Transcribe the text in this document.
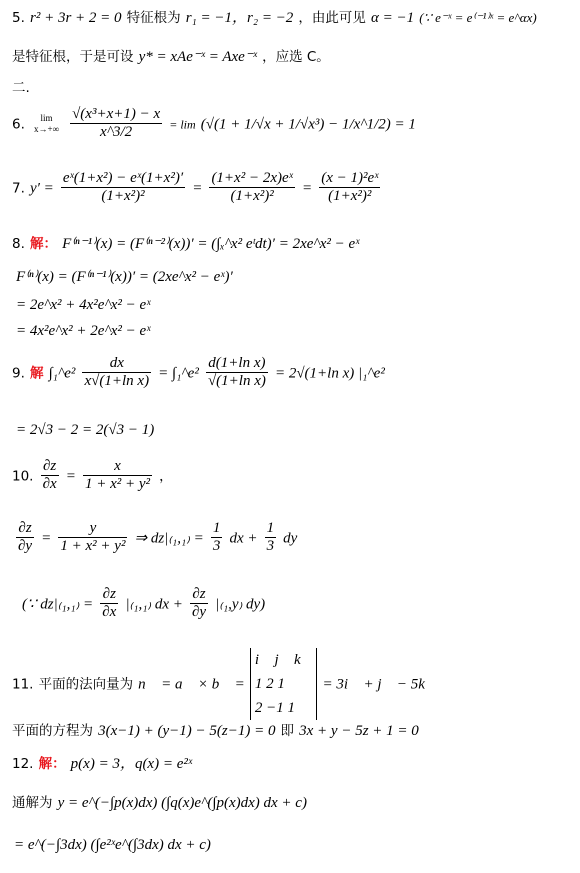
5. r² + 3r + 2 = 0 特征根为 r₁ = −1，r₂ = −2 ，由此可见 α = −1 (∵ e⁻ˣ = e⁽⁻¹⁾ˣ = e^αx)
是特征根，于是可设 y* = xAe⁻ˣ = Axe⁻ˣ ，应选 C。
二.
6.	lim
x→+∞
$\frac{\text{√(x³+x+1) − x}}{x\^{}3/2} = \lim (√(1 + 1/√x + 1/√x^3)$ − 1/x^1/2) = 1
7. $y' = \frac{\text{eˣ(1+x²) − eˣ(1+x²)′}}{\text{(1+x²)²}} = \frac{\text{(1+x² − 2x)eˣ}}{\text{(1+x²)²}} = \frac{\text{(x − 1)²eˣ}}{\text{(1+x²)²}}$
8. 解： F⁽ⁿ⁻¹⁾(x) = (F⁽ⁿ⁻²⁾(x))′ = (∫ₓ^x² eᵗdt)′ = 2xe^x² − eˣ
F⁽ⁿ⁾(x) = (F⁽ⁿ⁻¹⁾(x))′ = (2xe^x² − eˣ)′
= 2e^x² + 4x²e^x² − eˣ
= 4x²e^x² + 2e^x² − eˣ
9. 解 ∫₁^e² $\frac{dx}{\text{x√(1+ln x)}}$ = ∫₁^e² $\frac{\text{d(1+ln x)}}{\text{√(1+ln x)}} = 2√(1+\ln$ x) |₁^e²
= 2√3 − 2 = 2(√3 − 1)
10. $\frac{\partial z}{\partial x} = \frac{x}{\text{1 + x² + y²}}$ ，
$\frac{\partial z}{\partial y} = \frac{y}{\text{1 + x² + y²}}$ ⇒ $dz|_{(1},_{1)} = \frac{1}{3}$ dx + $\frac{1}{3}$ dy
(∵ $dz|_{(1},_{1)} = \frac{\partial z}{\partial x} |_{(1},_{1)}$ dx + $\frac{\partial z}{\partial y} |_{(1},y_)$ dy)
11. 平面的法向量为 n⃗ = a⃗ × b⃗ =
i⃗ j⃗ k⃗
1 2 1
2 −1 1
= 3i⃗ + j⃗ − 5k⃗
平面的方程为 3(x−1) + (y−1) − 5(z−1) = 0 即 3x + y − 5z + 1 = 0
12. 解： p(x) = 3，q(x) = e²ˣ
通解为 y = e^(−∫p(x)dx) (∫q(x)e^(∫p(x)dx) dx + c)
= e^(−∫3dx) (∫e²ˣe^(∫3dx) dx + c)
